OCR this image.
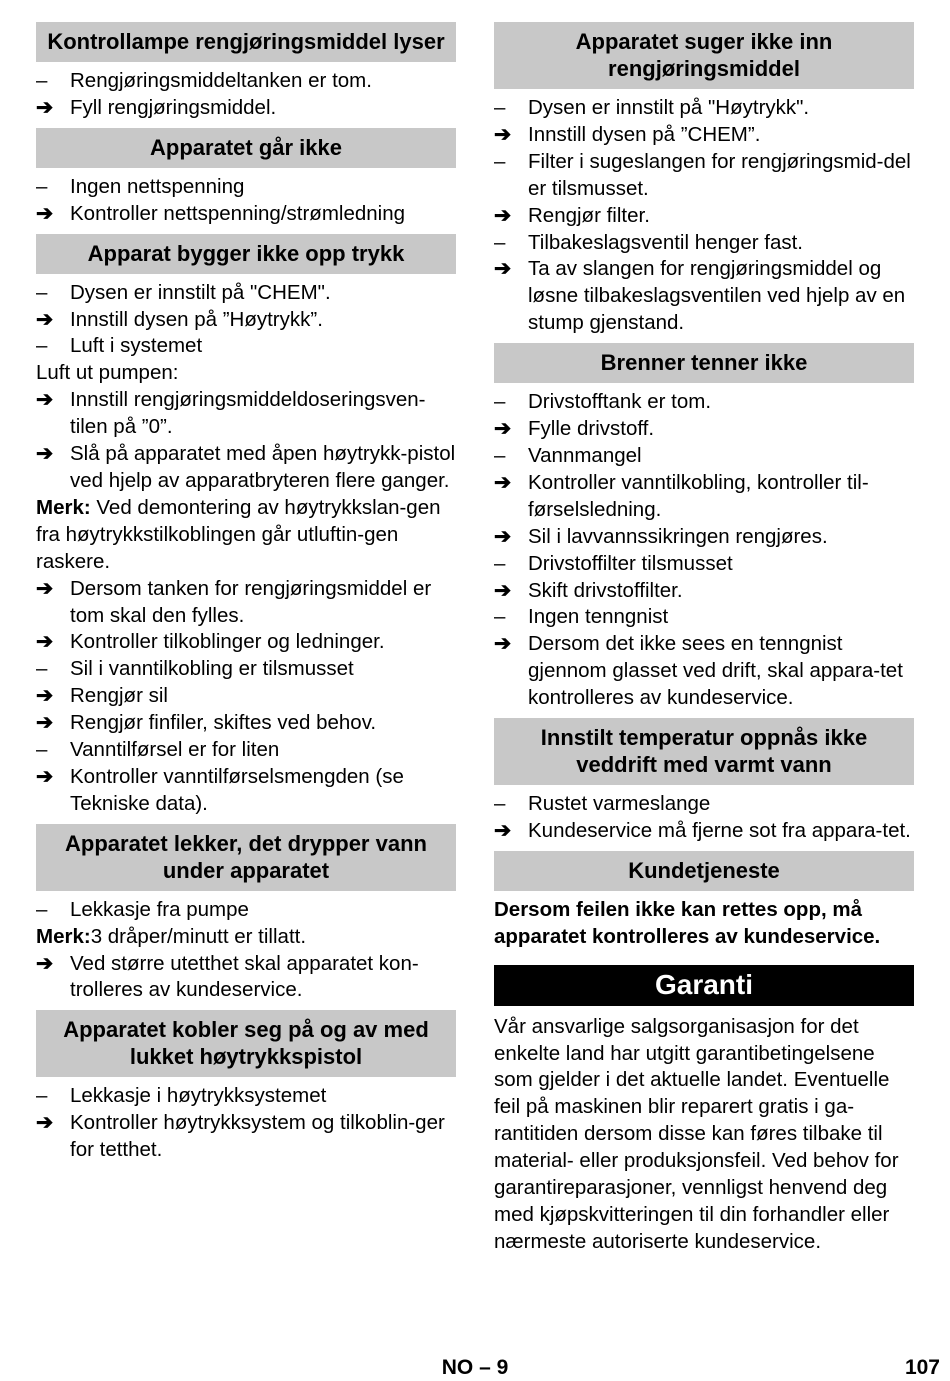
Kontrollampe rengjøringsmiddel lyser
–	Rengjøringsmiddeltanken er tom.
➔ Fyll rengjøringsmiddel.
Apparatet går ikke
–	Ingen nettspenning
➔ Kontroller nettspenning/strømledning
Apparat bygger ikke opp trykk
–	Dysen er innstilt på "CHEM".
➔ Innstill dysen på ”Høytrykk”.
–	Luft i systemet
Luft ut pumpen:
➔ Innstill rengjøringsmiddeldoseringsven-tilen på ”0”.
➔ Slå på apparatet med åpen høytrykk-pistol ved hjelp av apparatbryteren flere ganger.
Merk: Ved demontering av høytrykkslan-gen fra høytrykkstilkoblingen går utluftin-gen raskere.
➔ Dersom tanken for rengjøringsmiddel er tom skal den fylles.
➔ Kontroller tilkoblinger og ledninger.
–	Sil i vanntilkobling er tilsmusset
➔ Rengjør sil
➔ Rengjør finfiler, skiftes ved behov.
–	Vanntilførsel er for liten
➔ Kontroller vanntilførselsmengden (se Tekniske data).
Apparatet lekker, det drypper vann under apparatet
–	Lekkasje fra pumpe
Merk:3 dråper/minutt er tillatt.
➔ Ved større utetthet skal apparatet kon-trolleres av kundeservice.
Apparatet kobler seg på og av med lukket høytrykkspistol
–	Lekkasje i høytrykksystemet
➔ Kontroller høytrykksystem og tilkoblin-ger for tetthet.
Apparatet suger ikke inn rengjøringsmiddel
–	Dysen er innstilt på "Høytrykk".
➔ Innstill dysen på ”CHEM”.
–	Filter i sugeslangen for rengjøringsmid-del er tilsmusset.
➔ Rengjør filter.
–	Tilbakeslagsventil henger fast.
➔ Ta av slangen for rengjøringsmiddel og løsne tilbakeslagsventilen ved hjelp av en stump gjenstand.
Brenner tenner ikke
–	Drivstofftank er tom.
➔ Fylle drivstoff.
–	Vannmangel
➔ Kontroller vanntilkobling, kontroller til-førselsledning.
➔ Sil i lavvannssikringen rengjøres.
–	Drivstoffilter tilsmusset
➔ Skift drivstoffilter.
–	Ingen tenngnist
➔ Dersom det ikke sees en tenngnist gjennom glasset ved drift, skal appara-tet kontrolleres av kundeservice.
Innstilt temperatur oppnås ikke veddrift med varmt vann
–	Rustet varmeslange
➔ Kundeservice må fjerne sot fra appara-tet.
Kundetjeneste
Dersom feilen ikke kan rettes opp, må apparatet kontrolleres av kundeservice.
Garanti
Vår ansvarlige salgsorganisasjon for det enkelte land har utgitt garantibetingelsene som gjelder i det aktuelle landet. Eventuelle feil på maskinen blir reparert gratis i ga-rantitiden dersom disse kan føres tilbake til material- eller produksjonsfeil. Ved behov for garantireparasjoner, vennligst henvend deg med kjøpskvitteringen til din forhandler eller nærmeste autoriserte kundeservice.
NO – 9	107
